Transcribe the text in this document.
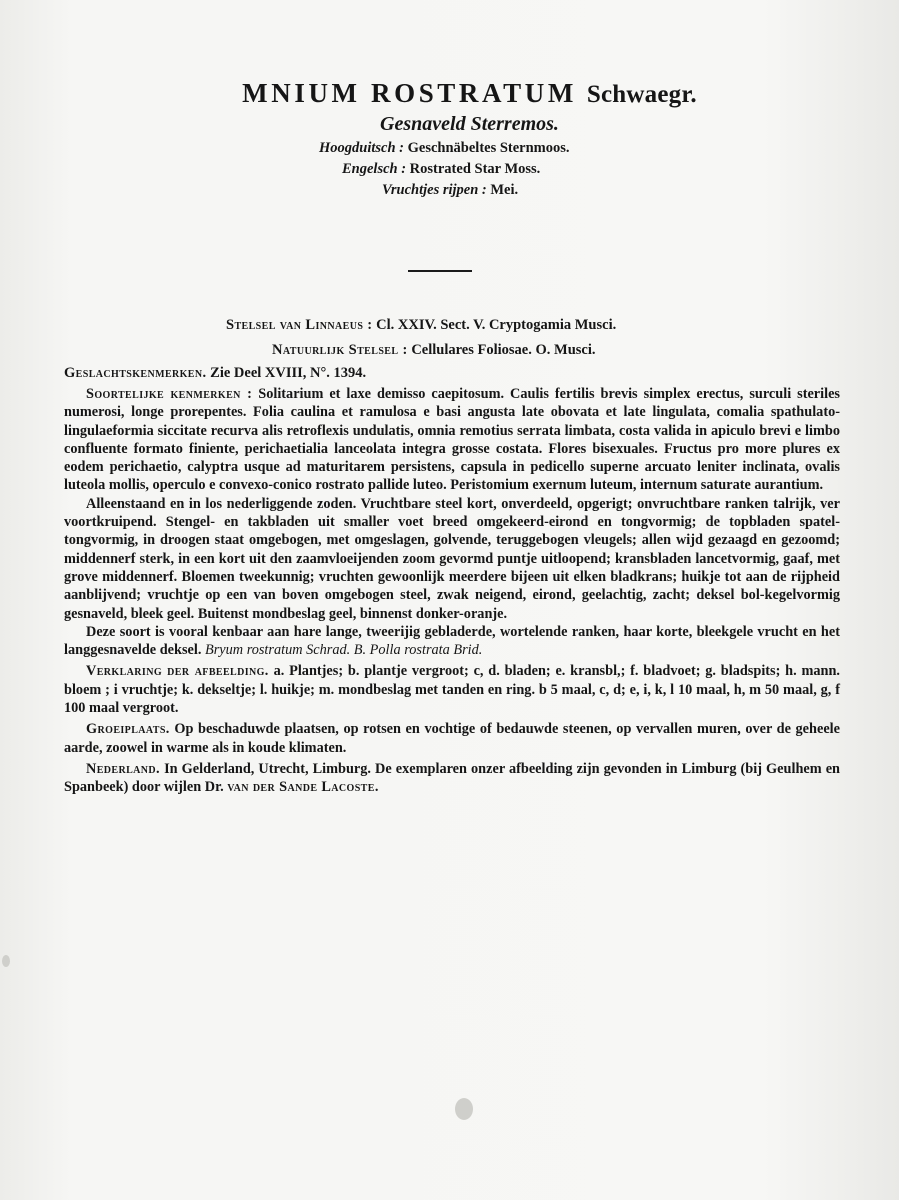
MNIUM ROSTRATUM Schwaegr.
Gesnaveld Sterremos.
Hoogduitsch : Geschnäbeltes Sternmoos.
Engelsch : Rostrated Star Moss.
Vruchtjes rijpen : Mei.
Stelsel van Linnaeus : Cl. XXIV. Sect. V. Cryptogamia Musci.
Natuurlijk Stelsel : Cellulares Foliosae. O. Musci.
Geslachtskenmerken. Zie Deel XVIII, N°. 1394.

Soortelijke kenmerken : Solitarium et laxe demisso caepitosum. Caulis fertilis brevis simplex erectus, surculi steriles numerosi, longe prorepentes. Folia caulina et ramulosa e basi angusta late obovata et late lingulata, comalia spathulato-lingulaeformia siccitate recurva alis retroflexis undulatis, omnia remotius serrata limbata, costa valida in apiculo brevi e limbo confluente formato finiente, perichaetialia lanceolata integra grosse costata. Flores bisexuales. Fructus pro more plures ex eodem perichaetio, calyptra usque ad maturitarem persistens, capsula in pedicello superne arcuato leniter inclinata, ovalis luteola mollis, operculo e convexo-conico rostrato pallide luteo. Peristomium exernum luteum, internum saturate aurantium.

Alleenstaand en in los nederliggende zoden. Vruchtbare steel kort, onverdeeld, opgerigt; onvruchtbare ranken talrijk, ver voortkruipend. Stengel- en takbladen uit smaller voet breed omgekeerd-eirond en tongvormig; de topbladen spatel-tongvormig, in droogen staat omgebogen, met omgeslagen, golvende, teruggebogen vleugels; allen wijd gezaagd en gezoomd; middennerf sterk, in een kort uit den zaamvloeijenden zoom gevormd puntje uitloopend; kransbladen lancetvormig, gaaf, met grove middennerf. Bloemen tweekunnig; vruchten gewoonlijk meerdere bijeen uit elken bladkrans; huikje tot aan de rijpheid aanblijvend; vruchtje op een van boven omgebogen steel, zwak neigend, eirond, geelachtig, zacht; deksel bol-kegelvormig gesnaveld, bleek geel. Buitenst mondbeslag geel, binnenst donker-oranje.

Deze soort is vooral kenbaar aan hare lange, tweerijig gebladerde, wortelende ranken, haar korte, bleekgele vrucht en het langgesnavelde deksel. Bryum rostratum Schrad. B. Polla rostrata Brid.

Verklaring der afbeelding. a. Plantjes; b. plantje vergroot; c, d. bladen; e. kransbl,; f. bladvoet; g. bladspits; h. mann. bloem ; i vruchtje; k. dekseltje; l. huikje; m. mondbeslag met tanden en ring. b 5 maal, c, d; e, i, k, l 10 maal, h, m 50 maal, g, f 100 maal vergroot.

Groeiplaats. Op beschaduwde plaatsen, op rotsen en vochtige of bedauwde steenen, op vervallen muren, over de geheele aarde, zoowel in warme als in koude klimaten.

Nederland. In Gelderland, Utrecht, Limburg. De exemplaren onzer afbeelding zijn gevonden in Limburg (bij Geulhem en Spanbeek) door wijlen Dr. van der Sande Lacoste.
